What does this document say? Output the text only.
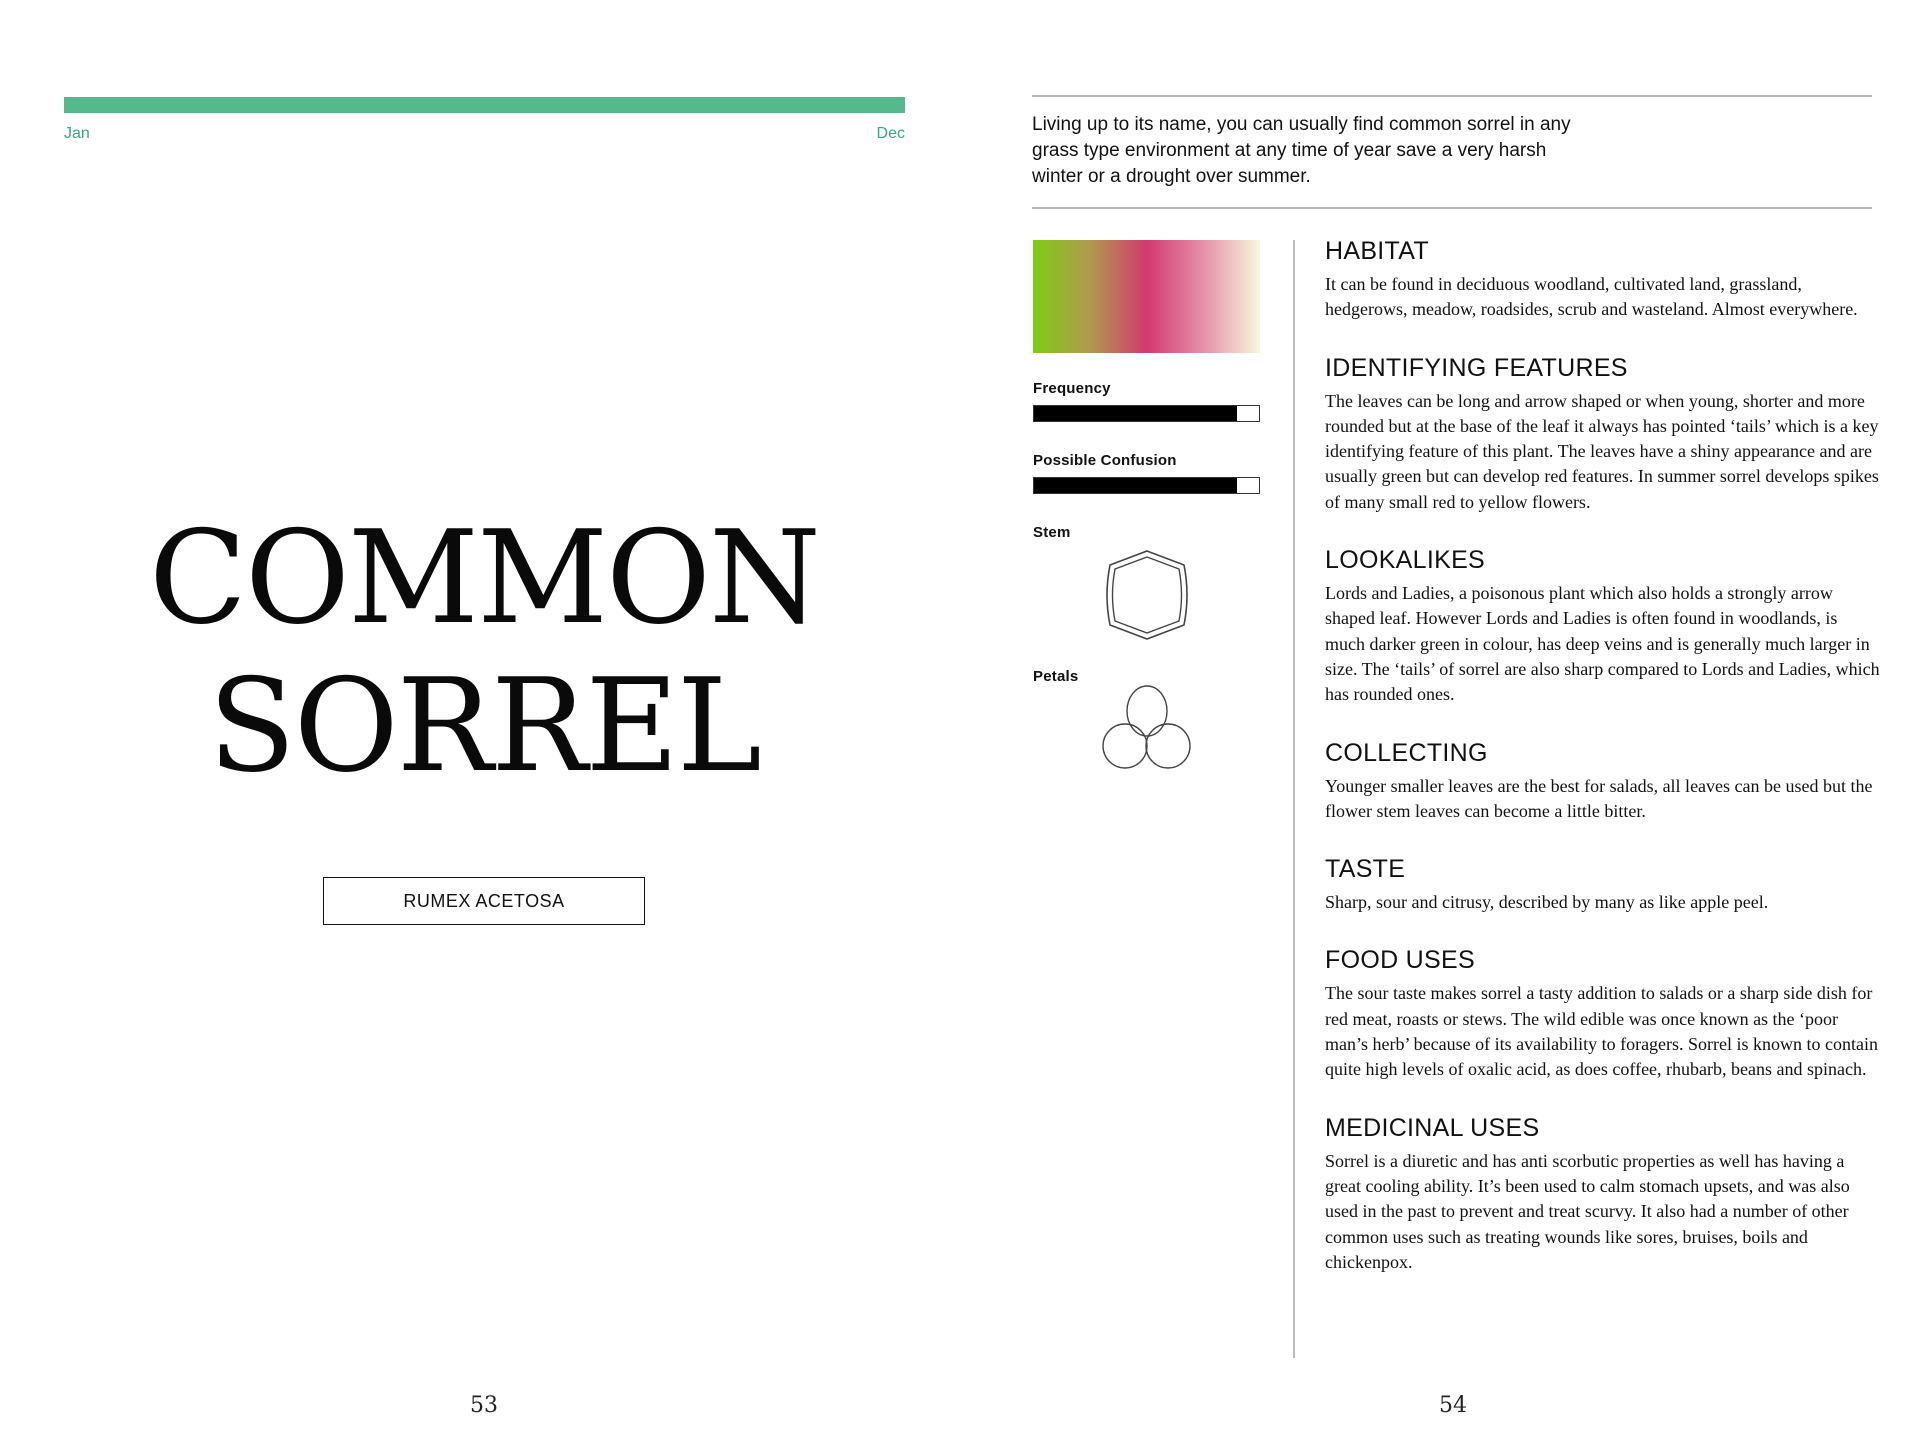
Jan	Dec
COMMON
SORREL
RUMEX ACETOSA
53

Living up to its name, you can usually find common sorrel in any grass type environment at any time of year save a very harsh winter or a drought over summer.

Frequency
Possible Confusion
Stem
Petals
HABITAT

It can be found in deciduous woodland, cultivated land, grassland, hedgerows, meadow, roadsides, scrub and wasteland. Almost everywhere.

IDENTIFYING FEATURES

The leaves can be long and arrow shaped or when young, shorter and more rounded but at the base of the leaf it always has pointed ‘tails’ which is a key identifying feature of this plant. The leaves have a shiny appearance and are usually green but can develop red features. In summer sorrel develops spikes of many small red to yellow flowers.

LOOKALIKES

Lords and Ladies, a poisonous plant which also holds a strongly arrow shaped leaf. However Lords and Ladies is often found in woodlands, is much darker green in colour, has deep veins and is generally much larger in size. The ‘tails’ of sorrel are also sharp compared to Lords and Ladies, which has rounded ones.

COLLECTING

Younger smaller leaves are the best for salads, all leaves can be used but the flower stem leaves can become a little bitter.

TASTE

Sharp, sour and citrusy, described by many as like apple peel.

FOOD USES

The sour taste makes sorrel a tasty addition to salads or a sharp side dish for red meat, roasts or stews. The wild edible was once known as the ‘poor man’s herb’ because of its availability to foragers. Sorrel is known to contain quite high levels of oxalic acid, as does coffee, rhubarb, beans and spinach.

MEDICINAL USES

Sorrel is a diuretic and has anti scorbutic properties as well has having a great cooling ability. It’s been used to calm stomach upsets, and was also used in the past to prevent and treat scurvy. It also had a number of other common uses such as treating wounds like sores, bruises, boils and chickenpox.

54
